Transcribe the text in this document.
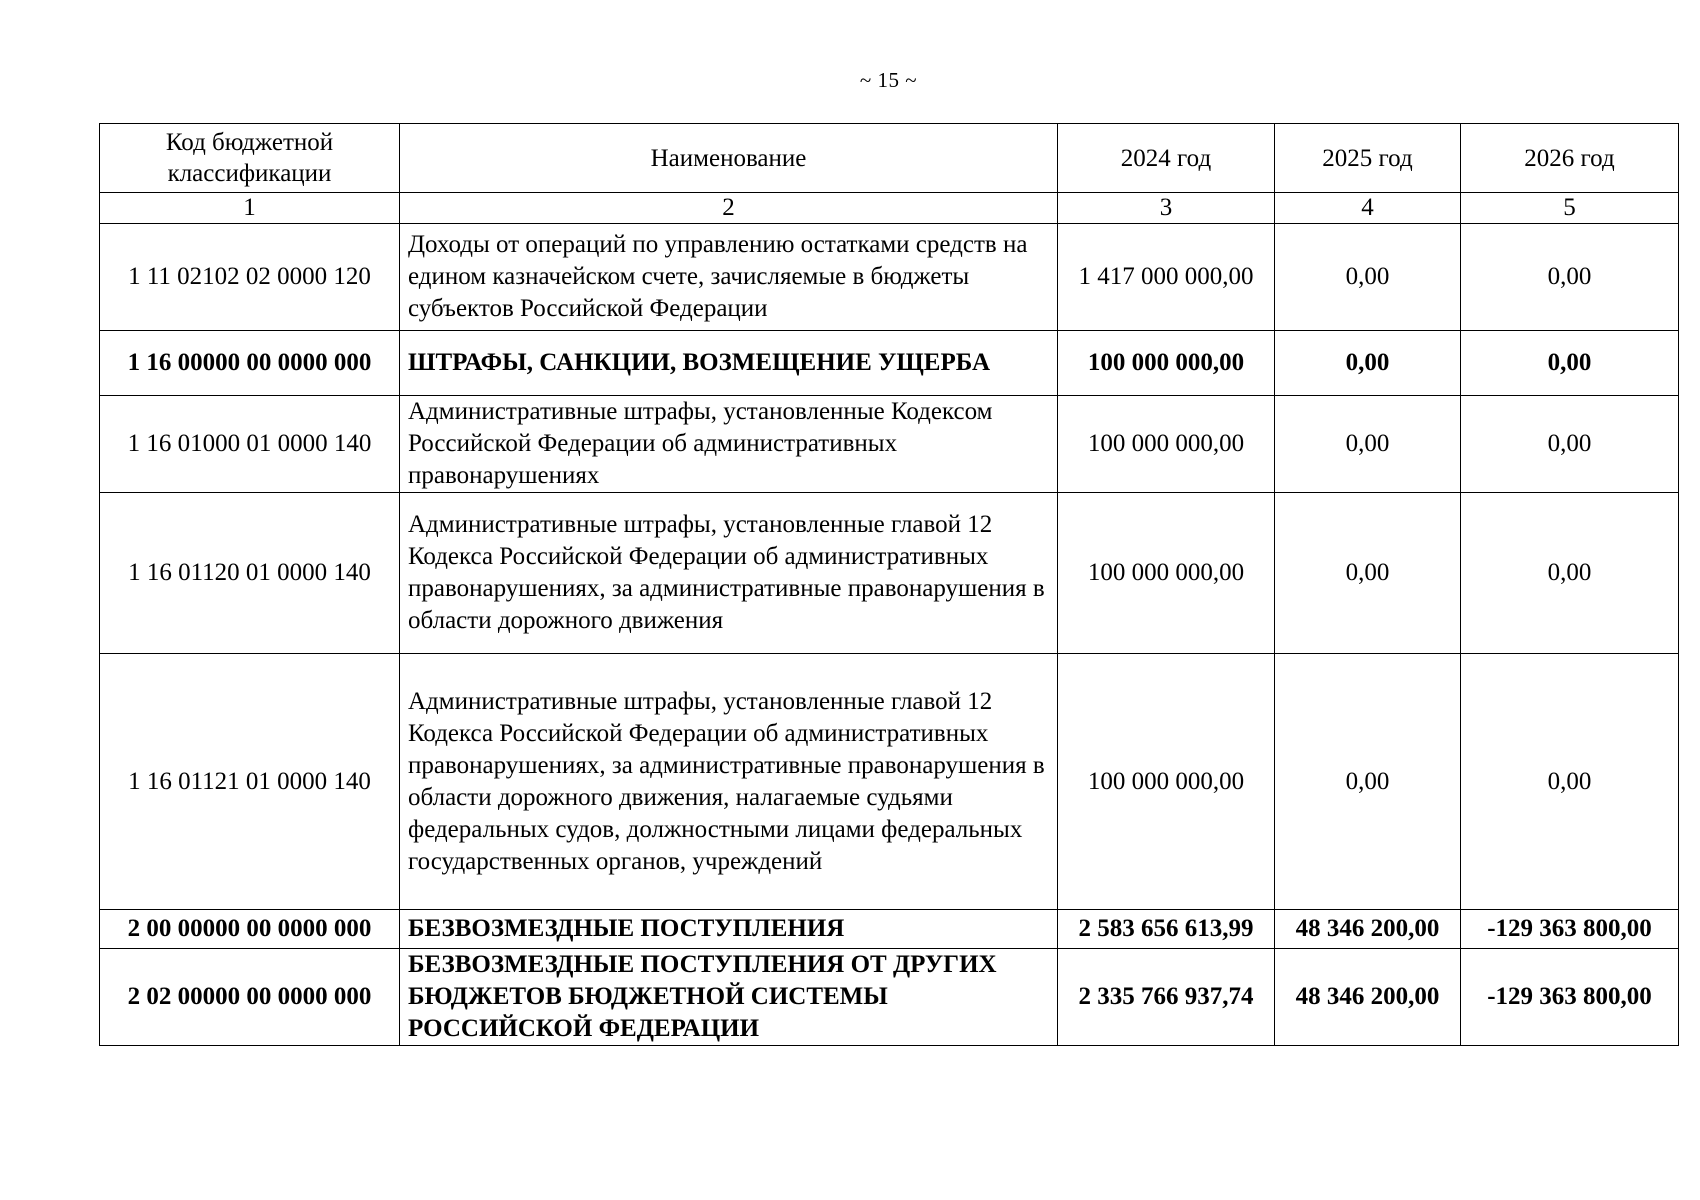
~ 15 ~
Код бюджетной классификации	Наименование	2024 год	2025 год	2026 год
1	2	3	4	5
1 11 02102 02 0000 120	Доходы от операций по управлению остатками средств на едином казначейском счете, зачисляемые в бюджеты субъектов Российской Федерации	1 417 000 000,00	0,00	0,00
1 16 00000 00 0000 000	ШТРАФЫ, САНКЦИИ, ВОЗМЕЩЕНИЕ УЩЕРБА	100 000 000,00	0,00	0,00
1 16 01000 01 0000 140	Административные штрафы, установленные Кодексом Российской Федерации об административных правонарушениях	100 000 000,00	0,00	0,00
1 16 01120 01 0000 140	Административные штрафы, установленные главой 12 Кодекса Российской Федерации об административных правонарушениях, за административные правонарушения в области дорожного движения	100 000 000,00	0,00	0,00
1 16 01121 01 0000 140	Административные штрафы, установленные главой 12 Кодекса Российской Федерации об административных правонарушениях, за административные правонарушения в области дорожного движения, налагаемые судьями федеральных судов, должностными лицами федеральных государственных органов, учреждений	100 000 000,00	0,00	0,00
2 00 00000 00 0000 000	БЕЗВОЗМЕЗДНЫЕ ПОСТУПЛЕНИЯ	2 583 656 613,99	48 346 200,00	-129 363 800,00
2 02 00000 00 0000 000	БЕЗВОЗМЕЗДНЫЕ ПОСТУПЛЕНИЯ ОТ ДРУГИХ БЮДЖЕТОВ БЮДЖЕТНОЙ СИСТЕМЫ РОССИЙСКОЙ ФЕДЕРАЦИИ	2 335 766 937,74	48 346 200,00	-129 363 800,00
